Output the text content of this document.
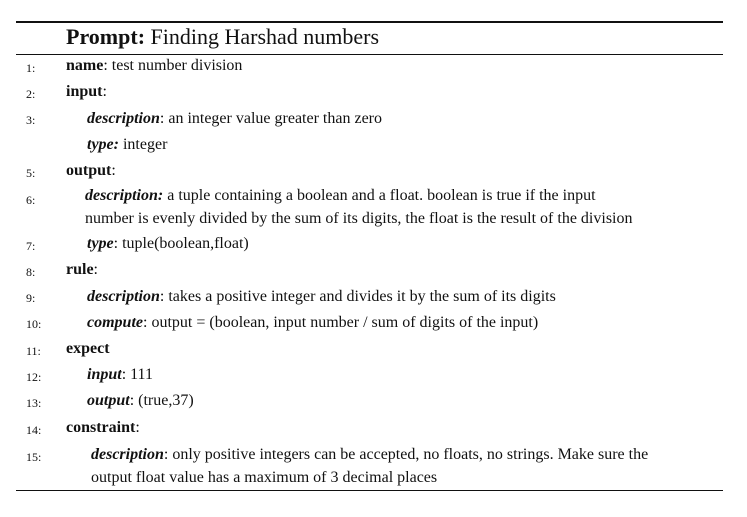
Prompt: Finding Harshad numbers
1:
2:
3:
5:
6:
7:
8:
9:
10:
11:
12:
13:
14:
15:
name: test number division
input:
description: an integer value greater than zero
type: integer
output:
description: a tuple containing a boolean and a float. boolean is true if the input
number is evenly divided by the sum of its digits, the float is the result of the division
type: tuple(boolean,float)
rule:
description: takes a positive integer and divides it by the sum of its digits
compute: output = (boolean, input number / sum of digits of the input)
expect
input: 111
output: (true,37)
constraint:
description: only positive integers can be accepted, no floats, no strings. Make sure the
output float value has a maximum of 3 decimal places
